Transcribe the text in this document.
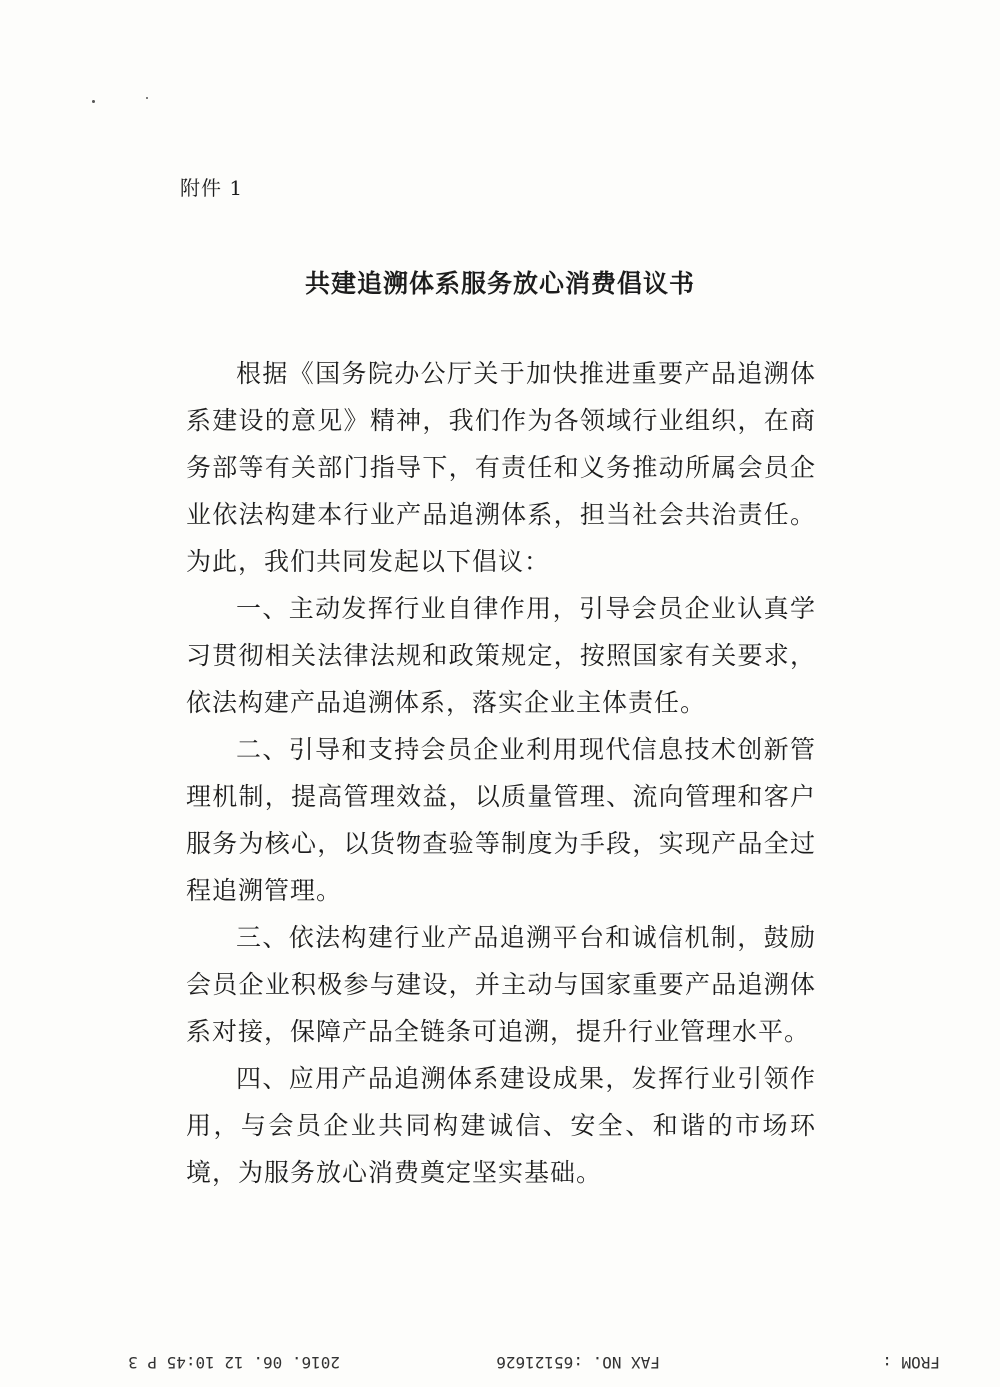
附件 1
共建追溯体系服务放心消费倡议书

根据《国务院办公厅关于加快推进重要产品追溯体系建设的意见》精神，我们作为各领域行业组织，在商务部等有关部门指导下，有责任和义务推动所属会员企业依法构建本行业产品追溯体系，担当社会共治责任。为此，我们共同发起以下倡议：

一、主动发挥行业自律作用，引导会员企业认真学习贯彻相关法律法规和政策规定，按照国家有关要求，依法构建产品追溯体系，落实企业主体责任。

二、引导和支持会员企业利用现代信息技术创新管理机制，提高管理效益，以质量管理、流向管理和客户服务为核心，以货物查验等制度为手段，实现产品全过程追溯管理。

三、依法构建行业产品追溯平台和诚信机制，鼓励会员企业积极参与建设，并主动与国家重要产品追溯体系对接，保障产品全链条可追溯，提升行业管理水平。

四、应用产品追溯体系建设成果，发挥行业引领作用，与会员企业共同构建诚信、安全、和谐的市场环境，为服务放心消费奠定坚实基础。

FROM :
FAX NO. :65121626
2016. 06. 12 10:45 P 3
